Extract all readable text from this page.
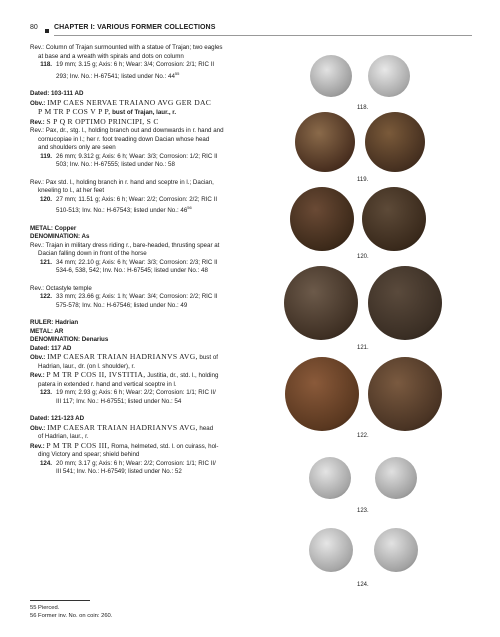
80 CHAPTER I: VARIOUS FORMER COLLECTIONS

Rev.: Column of Trajan surmounted with a statue of Trajan; two eagles

at base and a wreath with spirals and dots on column

118. 19 mm; 3.15 g; Axis: 6 h; Wear: 3/4; Corrosion: 2/1; RIC II

293; Inv. No.: H-67541; listed under No.: $44^{55}$

Dated: 103-111 AD

Obv.: IMP CAES NERVAE TRAIANO AVG GER DAC

P M TR P COS V P P, bust of Trajan, laur., r.

Rev.: S P Q R OPTIMO PRINCIPI, S C

Rev.: Pax, dr., stg. l., holding branch out and downwards in r. hand and

cornucopiae in l.; her r. foot treading down Dacian whose head

and shoulders only are seen

119. 26 mm; 9.312 g; Axis: 6 h; Wear: 3/3; Corrosion: 1/2; RIC II

503; Inv. No.: H-67555; listed under No.: 58

Rev.: Pax std. l., holding branch in r. hand and sceptre in l.; Dacian,

kneeling to l., at her feet

120. 27 mm; 11.51 g; Axis: 6 h; Wear: 2/2; Corrosion: 2/2; RIC II

510-513; Inv. No.: H-67543; listed under No.: $46^{56}$

METAL: Copper

DENOMINATION: As

Rev.: Trajan in military dress riding r., bare-headed, thrusting spear at

Dacian falling down in front of the horse

121. 34 mm; 22.10 g; Axis: 6 h; Wear: 3/3; Corrosion: 2/3; RIC II

534-6, 538, 542; Inv. No.: H-67545; listed under No.: 48

Rev.: Octastyle temple

122. 33 mm; 23.66 g; Axis: 1 h; Wear: 3/4; Corrosion: 2/2; RIC II

575-578; Inv. No.: H-67546; listed under No.: 49

RULER: Hadrian

METAL: AR

DENOMINATION: Denarius

Dated: 117 AD

Obv.: IMP CAESAR TRAIAN HADRIANVS AVG, bust of

Hadrian, laur., dr. (on l. shoulder), r.

Rev.: P M TR P COS II, IVSTITIA, Justitia, dr., std. l., holding

patera in extended r. hand and vertical sceptre in l.

123. 19 mm; 2.93 g; Axis: 6 h; Wear: 2/2; Corrosion: 1/1; RIC II/

III 117; Inv. No.: H-67551; listed under No.: 54

Dated: 121-123 AD

Obv.: IMP CAESAR TRAIAN HADRIANVS AVG, head

of Hadrian, laur., r.

Rev.: P M TR P COS III, Roma, helmeted, std. l. on cuirass, hol-

ding Victory and spear; shield behind

124. 20 mm; 3.17 g; Axis: 6 h; Wear: 2/2; Corrosion: 1/1; RIC II/

III 541; Inv. No.: H-67549; listed under No.: 52

55 Pierced.
56 Former inv. No. on coin: 260.
118.
119.
120.
121.
122.
123.
124.
